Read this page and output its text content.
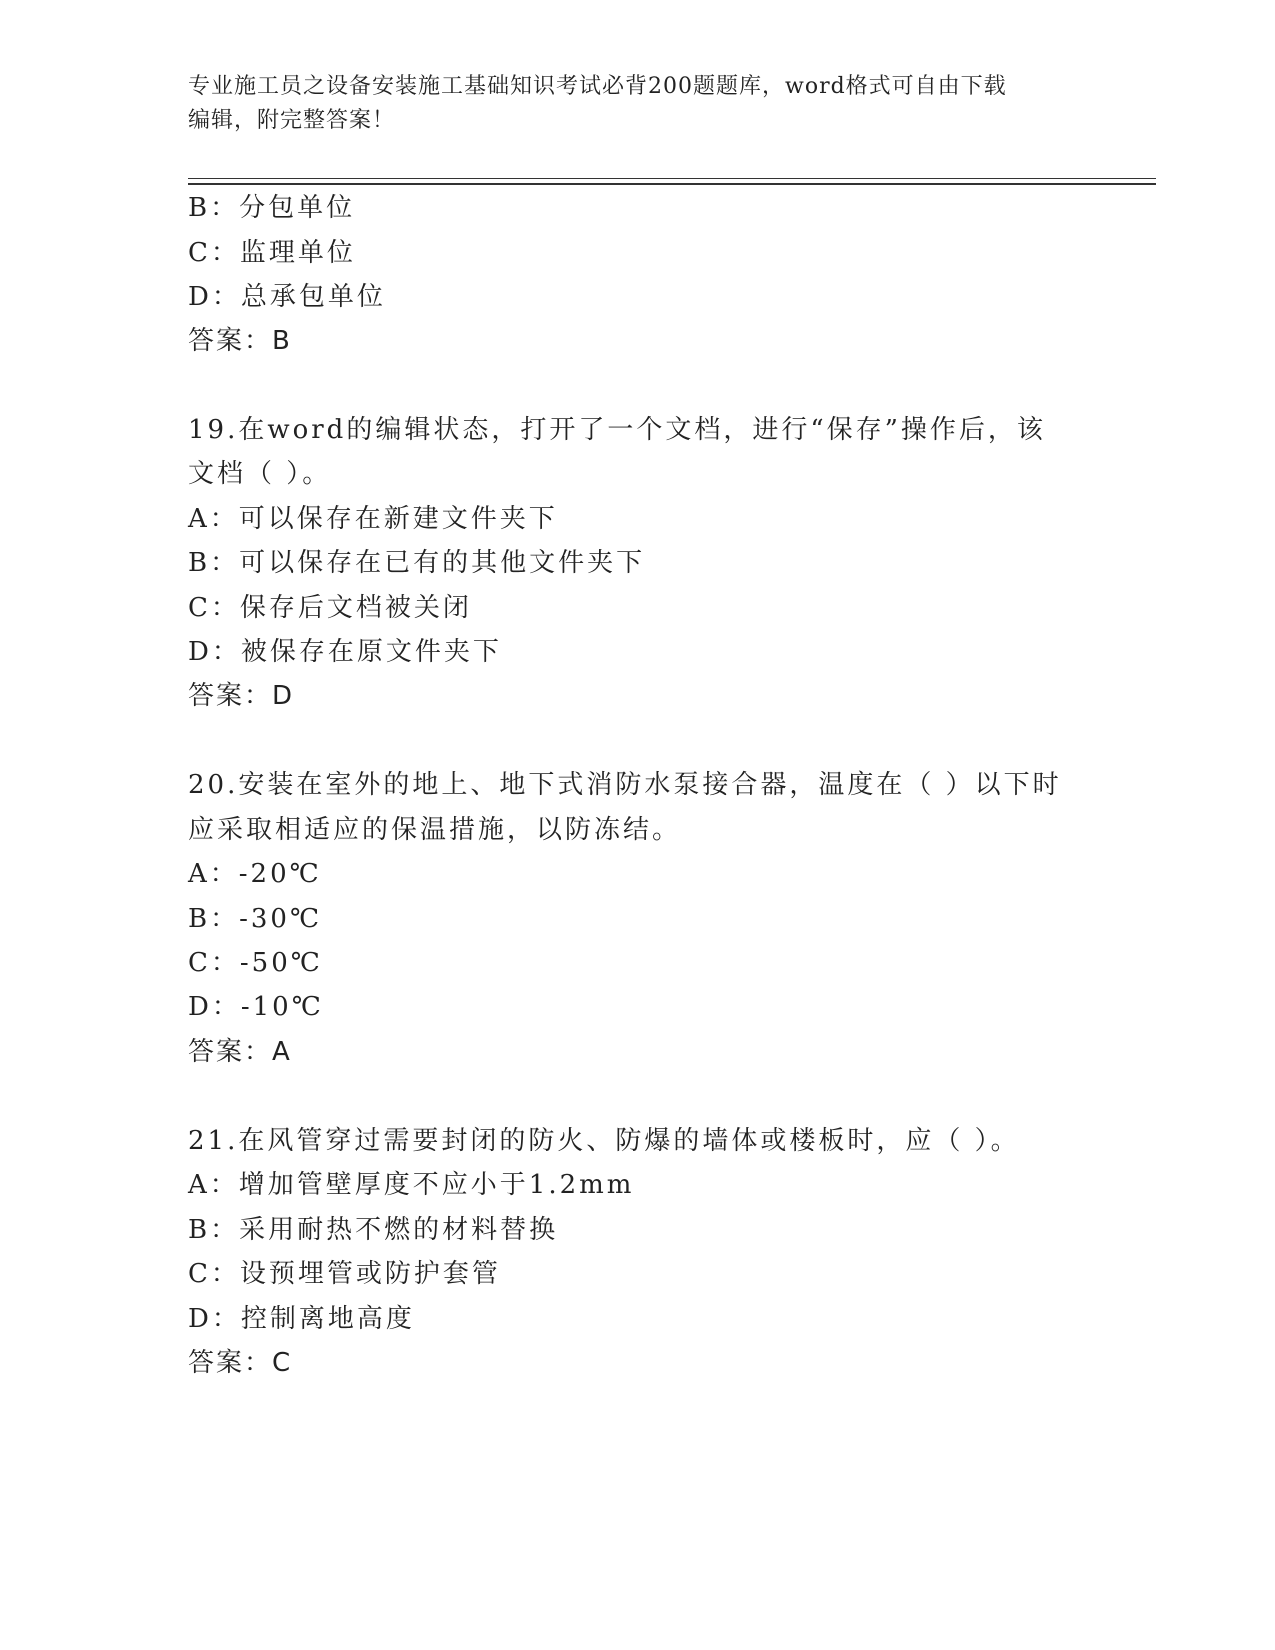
专业施工员之设备安装施工基础知识考试必背200题题库，word格式可自由下载
编辑，附完整答案！
B：分包单位
C：监理单位
D：总承包单位
答案：B
19.在word的编辑状态，打开了一个文档，进行“保存”操作后，该
文档（ ）。
A：可以保存在新建文件夹下
B：可以保存在已有的其他文件夹下
C：保存后文档被关闭
D：被保存在原文件夹下
答案：D
20.安装在室外的地上、地下式消防水泵接合器，温度在（ ）以下时
应采取相适应的保温措施，以防冻结。
A：-20℃
B：-30℃
C：-50℃
D：-10℃
答案：A
21.在风管穿过需要封闭的防火、防爆的墙体或楼板时，应（ ）。
A：增加管壁厚度不应小于1.2mm
B：采用耐热不燃的材料替换
C：设预埋管或防护套管
D：控制离地高度
答案：C
